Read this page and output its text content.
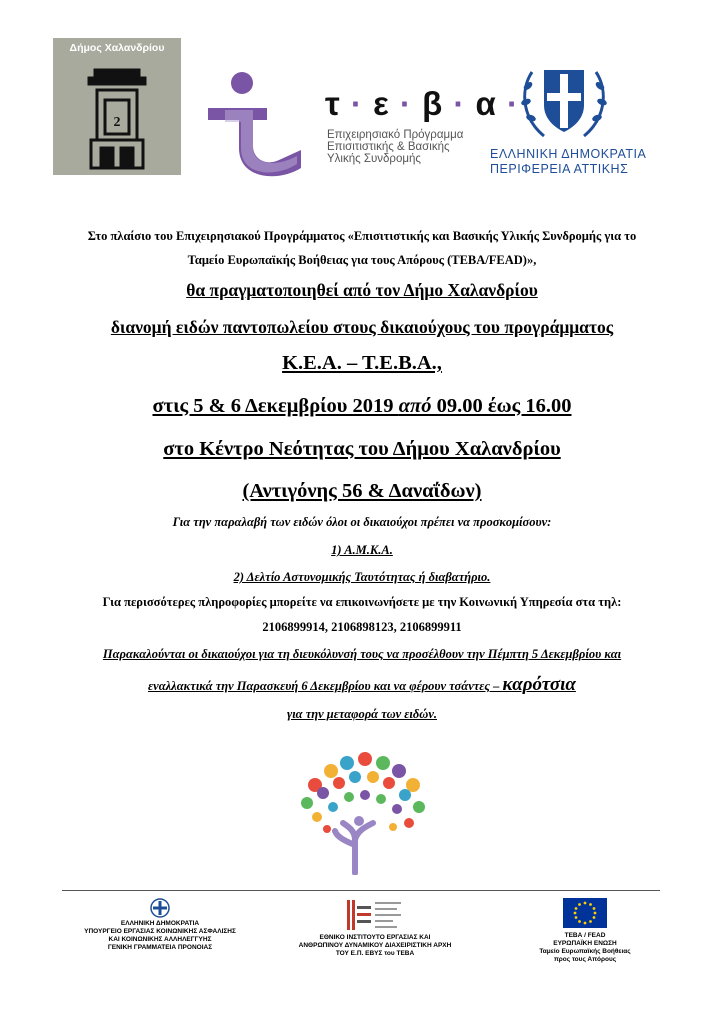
Δήμος Χαλανδρίου
2
τ · ε · β · α ·
Επιχειρησιακό Πρόγραμμα
Επισιτιστικής & Βασικής
Υλικής Συνδρομής	ΕΛΛΗΝΙΚΗ ΔΗΜΟΚΡΑΤΙΑ
ΠΕΡΙΦΕΡΕΙΑ ΑΤΤΙΚΗΣ
Στο πλαίσιο του Επιχειρησιακού Προγράμματος «Επισιτιστικής και Βασικής Υλικής Συνδρομής για το
Ταμείο Ευρωπαϊκής Βοήθειας για τους Απόρους (ΤΕΒΑ/FEAD)»,
θα πραγματοποιηθεί από τον Δήμο Χαλανδρίου
διανομή ειδών παντοπωλείου στους δικαιούχους του προγράμματος
Κ.Ε.Α. – Τ.Ε.Β.Α.,
στις 5 & 6 Δεκεμβρίου 2019 από 09.00 έως 16.00
στο Κέντρο Νεότητας του Δήμου Χαλανδρίου
(Αντιγόνης 56 & Δαναΐδων)
Για την παραλαβή των ειδών όλοι οι δικαιούχοι πρέπει να προσκομίσουν:
1) Α.Μ.Κ.Α.
2) Δελτίο Αστυνομικής Ταυτότητας ή διαβατήριο.
Για περισσότερες πληροφορίες μπορείτε να επικοινωνήσετε με την Κοινωνική Υπηρεσία στα τηλ:
2106899914, 2106898123, 2106899911
Παρακαλούνται οι δικαιούχοι για τη διευκόλυνσή τους να προσέλθουν την Πέμπτη 5 Δεκεμβρίου και
εναλλακτικά την Παρασκευή 6 Δεκεμβρίου και να φέρουν τσάντες – καρότσια
για την μεταφορά των ειδών.
ΕΛΛΗΝΙΚΗ ΔΗΜΟΚΡΑΤΙΑ
ΥΠΟΥΡΓΕΙΟ ΕΡΓΑΣΙΑΣ ΚΟΙΝΩΝΙΚΗΣ ΑΣΦΑΛΙΣΗΣ
ΚΑΙ ΚΟΙΝΩΝΙΚΗΣ ΑΛΛΗΛΕΓΓΥΗΣ
ΓΕΝΙΚΗ ΓΡΑΜΜΑΤΕΙΑ ΠΡΟΝΟΙΑΣ
ΕΘΝΙΚΟ ΙΝΣΤΙΤΟΥΤΟ ΕΡΓΑΣΙΑΣ ΚΑΙ
ΑΝΘΡΩΠΙΝΟΥ ΔΥΝΑΜΙΚΟΥ ΔΙΑΧΕΙΡΙΣΤΙΚΗ ΑΡΧΗ
ΤΟΥ Ε.Π. ΕΒΥΣ του ΤΕΒΑ
ΤΕΒΑ / FEAD
ΕΥΡΩΠΑΪΚΗ ΕΝΩΣΗ
Ταμείο Ευρωπαϊκής Βοήθειας
προς τους Απόρους
